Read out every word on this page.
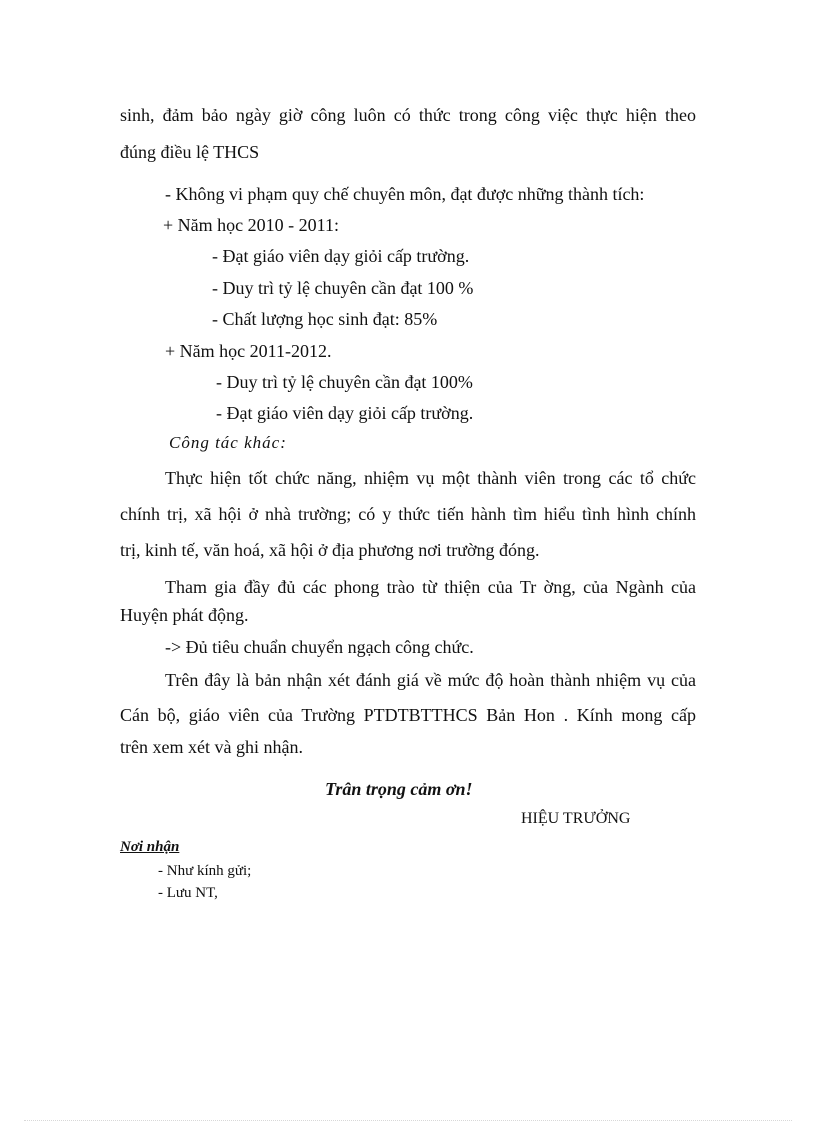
sinh, đảm bảo ngày giờ công luôn có thức trong công việc thực hiện theo
đúng điều lệ THCS
- Không vi phạm quy chế chuyên môn, đạt được những thành tích:
+ Năm học 2010 - 2011:
- Đạt giáo viên dạy giỏi cấp trường.
- Duy trì tỷ lệ chuyên cần đạt 100 %
- Chất lượng học sinh đạt: 85%
+ Năm học 2011-2012.
- Duy trì tỷ lệ chuyên cần đạt 100%
- Đạt giáo viên dạy giỏi cấp trường.
Công tác khác:
Thực hiện tốt chức năng, nhiệm vụ một thành viên trong các tổ chức
chính trị, xã hội ở nhà trường; có y thức tiến hành tìm hiểu tình hình chính
trị, kinh tế, văn hoá, xã hội ở địa phương nơi trường đóng.
Tham gia đầy đủ các phong trào từ thiện của Tr ờng, của Ngành của
Huyện phát động.
-> Đủ tiêu chuẩn chuyển ngạch công chức.
Trên đây là bản nhận xét đánh giá về mức độ hoàn thành nhiệm vụ của
Cán bộ, giáo viên của Trường PTDTBTTHCS Bản Hon . Kính mong cấp
trên xem xét và ghi nhận.
Trân trọng cảm ơn!
HIỆU TRƯỞNG
Nơi nhận
- Như kính gửi;
- Lưu NT,
